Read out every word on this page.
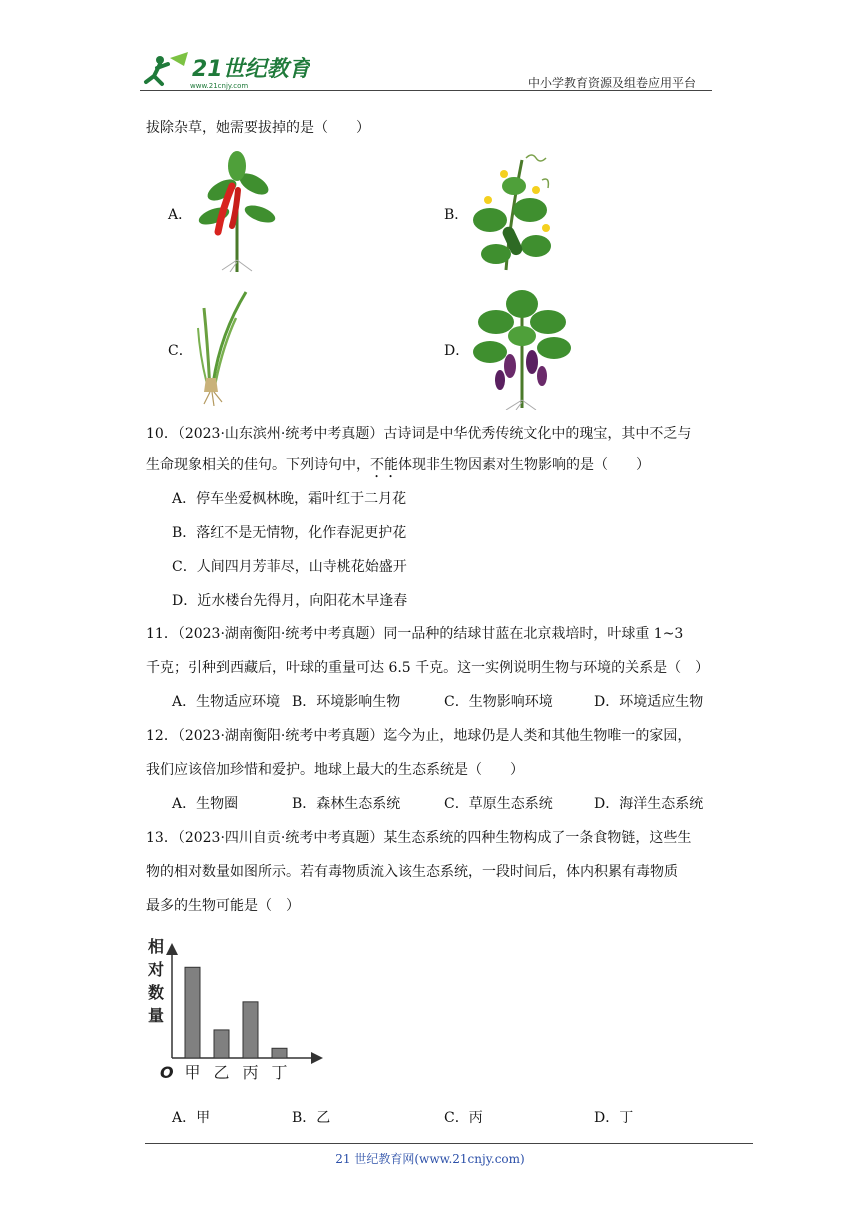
21世纪教育
www.21cnjy.com	中小学教育资源及组卷应用平台
拔除杂草，她需要拔掉的是（　　）
A．	B．
C．	D．
10．（2023·山东滨州·统考中考真题）古诗词是中华优秀传统文化中的瑰宝，其中不乏与
生命现象相关的佳句。下列诗句中，不能体现非生物因素对生物影响的是（　　）
A．停车坐爱枫林晚，霜叶红于二月花
B．落红不是无情物，化作春泥更护花
C．人间四月芳菲尽，山寺桃花始盛开
D．近水楼台先得月，向阳花木早逢春
11．（2023·湖南衡阳·统考中考真题）同一品种的结球甘蓝在北京栽培时，叶球重 1~3
千克；引种到西藏后，叶球的重量可达 6.5 千克。这一实例说明生物与环境的关系是（　）
A．生物适应环境 B．环境影响生物	C．生物影响环境	D．环境适应生物
12．（2023·湖南衡阳·统考中考真题）迄今为止，地球仍是人类和其他生物唯一的家园，
我们应该倍加珍惜和爱护。地球上最大的生态系统是（　　）
A．生物圈	B．森林生态系统	C．草原生态系统	D．海洋生态系统
13．（2023·四川自贡·统考中考真题）某生态系统的四种生物构成了一条食物链，这些生
物的相对数量如图所示。若有毒物质流入该生态系统，一段时间后，体内积累有毒物质
最多的生物可能是（　）
相
对
数
量
O 甲 乙 丙 丁
A．甲	B．乙	C．丙	D．丁
21 世纪教育网(www.21cnjy.com)
